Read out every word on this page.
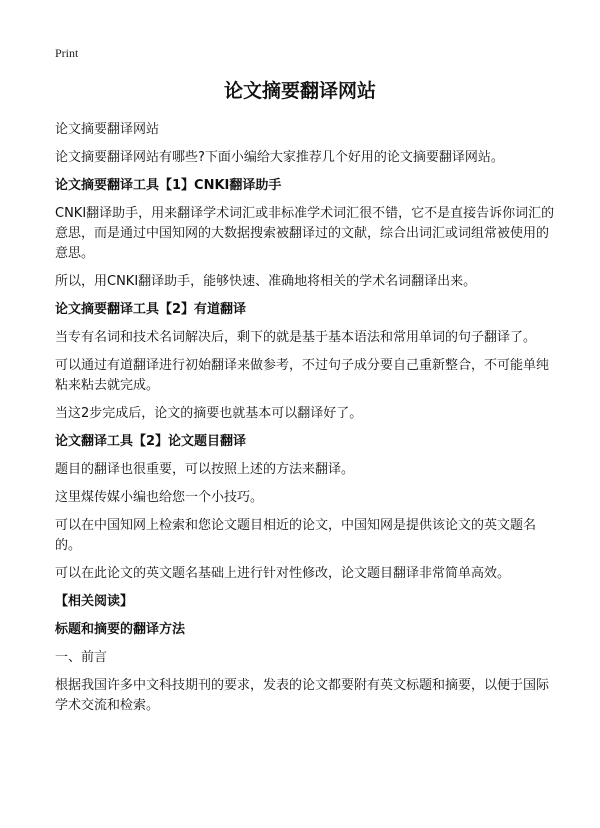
Print
论文摘要翻译网站
论文摘要翻译网站
论文摘要翻译网站有哪些?下面小编给大家推荐几个好用的论文摘要翻译网站。
论文摘要翻译工具【1】CNKI翻译助手
CNKI翻译助手，用来翻译学术词汇或非标准学术词汇很不错，它不是直接告诉你词汇的意思，而是通过中国知网的大数据搜索被翻译过的文献，综合出词汇或词组常被使用的意思。
所以，用CNKI翻译助手，能够快速、准确地将相关的学术名词翻译出来。
论文摘要翻译工具【2】有道翻译
当专有名词和技术名词解决后，剩下的就是基于基本语法和常用单词的句子翻译了。
可以通过有道翻译进行初始翻译来做参考，不过句子成分要自己重新整合，不可能单纯粘来粘去就完成。
当这2步完成后，论文的摘要也就基本可以翻译好了。
论文翻译工具【2】论文题目翻译
题目的翻译也很重要，可以按照上述的方法来翻译。
这里煤传媒小编也给您一个小技巧。
可以在中国知网上检索和您论文题目相近的论文，中国知网是提供该论文的英文题名的。
可以在此论文的英文题名基础上进行针对性修改，论文题目翻译非常简单高效。
【相关阅读】
标题和摘要的翻译方法
一、前言
根据我国许多中文科技期刊的要求，发表的论文都要附有英文标题和摘要，以便于国际学术交流和检索。
